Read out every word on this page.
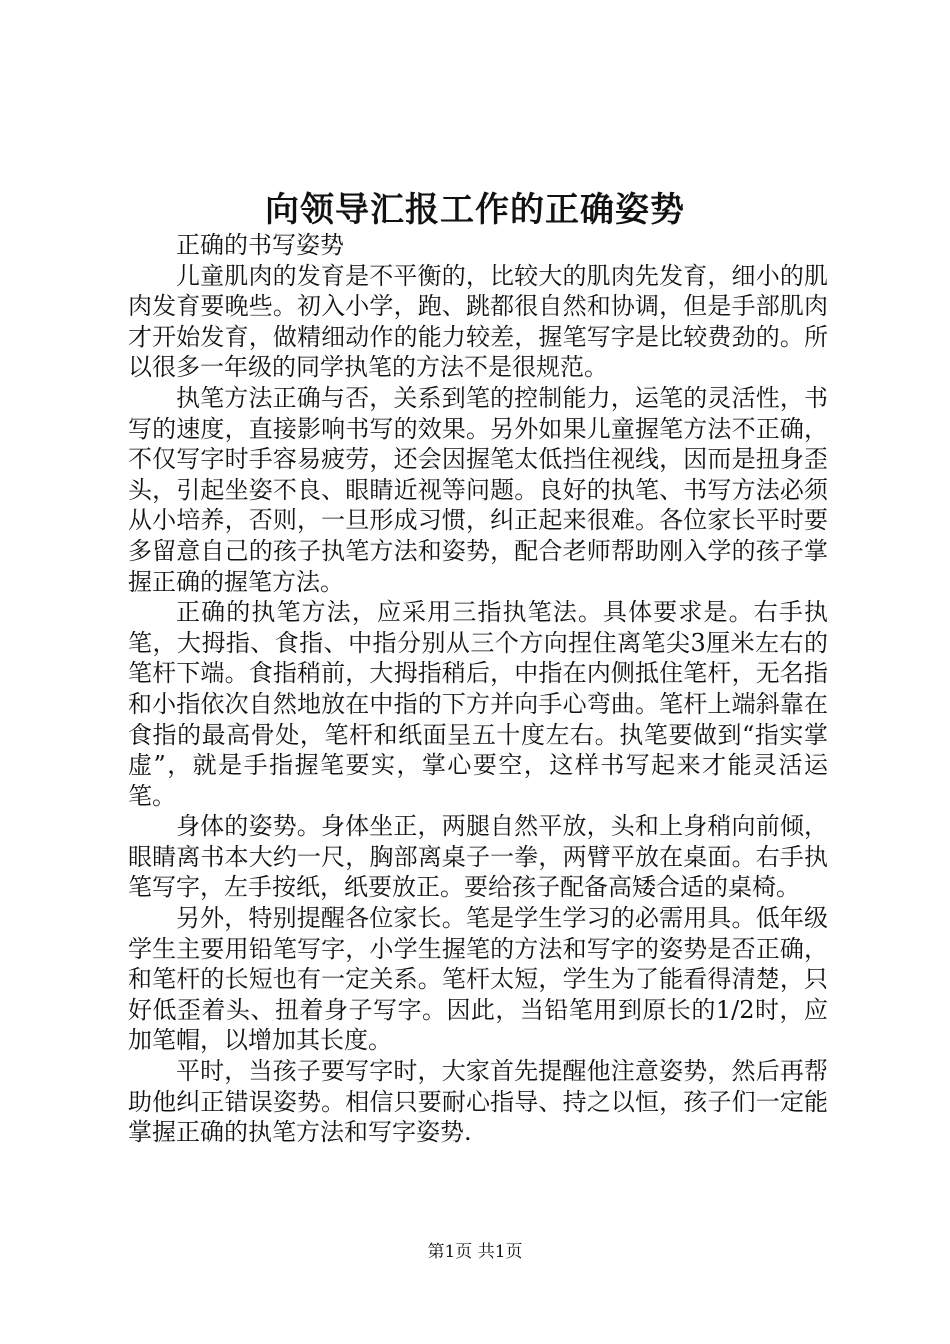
向领导汇报工作的正确姿势

正确的书写姿势

儿童肌肉的发育是不平衡的，比较大的肌肉先发育，细小的肌肉发育要晚些。初入小学，跑、跳都很自然和协调，但是手部肌肉才开始发育，做精细动作的能力较差，握笔写字是比较费劲的。所以很多一年级的同学执笔的方法不是很规范。

执笔方法正确与否，关系到笔的控制能力，运笔的灵活性，书写的速度，直接影响书写的效果。另外如果儿童握笔方法不正确，不仅写字时手容易疲劳，还会因握笔太低挡住视线，因而是扭身歪头，引起坐姿不良、眼睛近视等问题。良好的执笔、书写方法必须从小培养，否则，一旦形成习惯，纠正起来很难。各位家长平时要多留意自己的孩子执笔方法和姿势，配合老师帮助刚入学的孩子掌握正确的握笔方法。

正确的执笔方法，应采用三指执笔法。具体要求是。右手执笔，大拇指、食指、中指分别从三个方向捏住离笔尖3厘米左右的笔杆下端。食指稍前，大拇指稍后，中指在内侧抵住笔杆，无名指和小指依次自然地放在中指的下方并向手心弯曲。笔杆上端斜靠在食指的最高骨处，笔杆和纸面呈五十度左右。执笔要做到“指实掌虚”，就是手指握笔要实，掌心要空，这样书写起来才能灵活运笔。

身体的姿势。身体坐正，两腿自然平放，头和上身稍向前倾，眼睛离书本大约一尺，胸部离桌子一拳，两臂平放在桌面。右手执笔写字，左手按纸，纸要放正。要给孩子配备高矮合适的桌椅。

另外，特别提醒各位家长。笔是学生学习的必需用具。低年级学生主要用铅笔写字，小学生握笔的方法和写字的姿势是否正确，和笔杆的长短也有一定关系。笔杆太短，学生为了能看得清楚，只好低歪着头、扭着身子写字。因此，当铅笔用到原长的1/2时，应加笔帽，以增加其长度。

平时，当孩子要写字时，大家首先提醒他注意姿势，然后再帮助他纠正错误姿势。相信只要耐心指导、持之以恒，孩子们一定能掌握正确的执笔方法和写字姿势.

第1页 共1页
